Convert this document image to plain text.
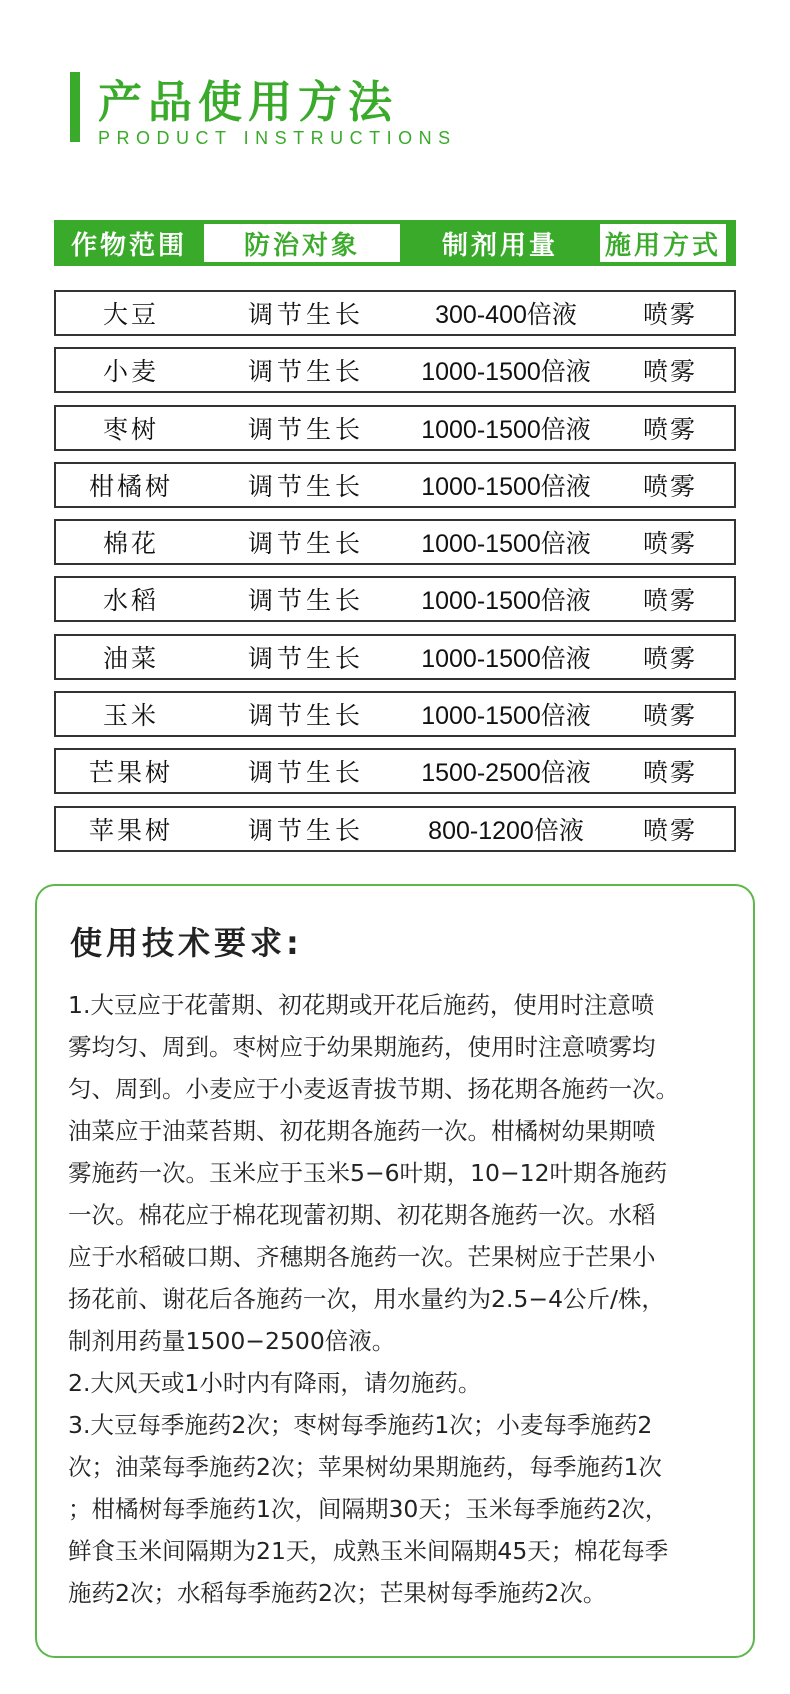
产品使用方法
PRODUCT INSTRUCTIONS
作物范围	防治对象	制剂用量	施用方式
大豆	调节生长	300-400倍液	喷雾
小麦	调节生长	1000-1500倍液	喷雾
枣树	调节生长	1000-1500倍液	喷雾
柑橘树	调节生长	1000-1500倍液	喷雾
棉花	调节生长	1000-1500倍液	喷雾
水稻	调节生长	1000-1500倍液	喷雾
油菜	调节生长	1000-1500倍液	喷雾
玉米	调节生长	1000-1500倍液	喷雾
芒果树	调节生长	1500-2500倍液	喷雾
苹果树	调节生长	800-1200倍液	喷雾
使用技术要求:

1.大豆应于花蕾期、初花期或开花后施药，使用时注意喷

雾均匀、周到。枣树应于幼果期施药，使用时注意喷雾均

匀、周到。小麦应于小麦返青拔节期、扬花期各施药一次。

油菜应于油菜苔期、初花期各施药一次。柑橘树幼果期喷

雾施药一次。玉米应于玉米5−6叶期，10−12叶期各施药

一次。棉花应于棉花现蕾初期、初花期各施药一次。水稻

应于水稻破口期、齐穗期各施药一次。芒果树应于芒果小

扬花前、谢花后各施药一次，用水量约为2.5−4公斤/株，

制剂用药量1500−2500倍液。

2.大风天或1小时内有降雨，请勿施药。

3.大豆每季施药2次；枣树每季施药1次；小麦每季施药2

次；油菜每季施药2次；苹果树幼果期施药，每季施药1次

；柑橘树每季施药1次，间隔期30天；玉米每季施药2次，

鲜食玉米间隔期为21天，成熟玉米间隔期45天；棉花每季

施药2次；水稻每季施药2次；芒果树每季施药2次。
